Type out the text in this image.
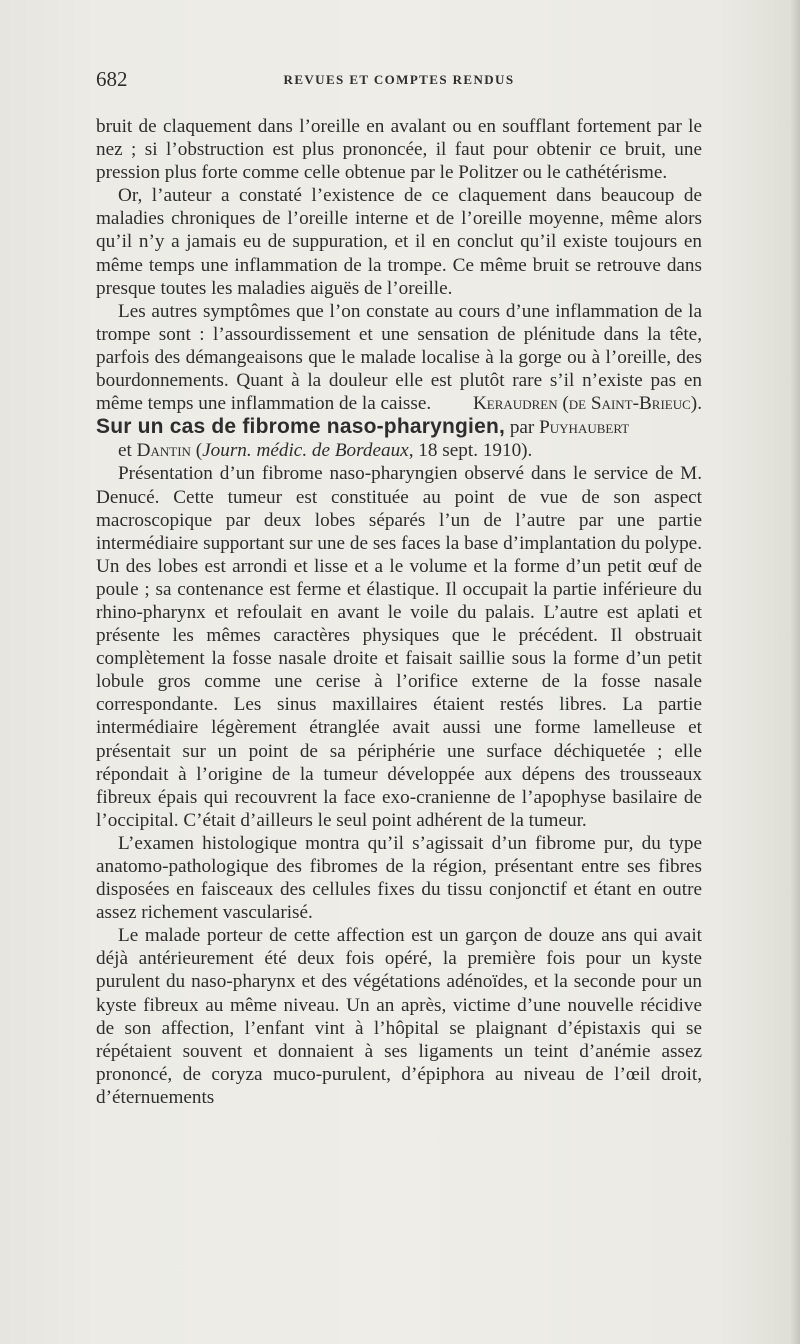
682	REVUES ET COMPTES RENDUS

bruit de claquement dans l’oreille en avalant ou en soufflant fortement par le nez ; si l’obstruction est plus prononcée, il faut pour obtenir ce bruit, une pression plus forte comme celle obtenue par le Politzer ou le cathétérisme.

Or, l’auteur a constaté l’existence de ce claquement dans beaucoup de maladies chroniques de l’oreille interne et de l’oreille moyenne, même alors qu’il n’y a jamais eu de suppuration, et il en conclut qu’il existe toujours en même temps une inflammation de la trompe. Ce même bruit se retrouve dans presque toutes les maladies aiguës de l’oreille.

Les autres symptômes que l’on constate au cours d’une inflammation de la trompe sont : l’assourdissement et une sensation de plénitude dans la tête, parfois des démangeaisons que le malade localise à la gorge ou à l’oreille, des bourdonnements. Quant à la douleur elle est plutôt rare s’il n’existe pas en même temps une inflammation de la caisse.	Keraudren (de Saint-Brieuc).

Sur un cas de fibrome naso-pharyngien, par Puyhaubert
et Dantin (Journ. médic. de Bordeaux, 18 sept. 1910).

Présentation d’un fibrome naso-pharyngien observé dans le service de M. Denucé. Cette tumeur est constituée au point de vue de son aspect macroscopique par deux lobes séparés l’un de l’autre par une partie intermédiaire supportant sur une de ses faces la base d’implantation du polype. Un des lobes est arrondi et lisse et a le volume et la forme d’un petit œuf de poule ; sa contenance est ferme et élastique. Il occupait la partie inférieure du rhino-pharynx et refoulait en avant le voile du palais. L’autre est aplati et présente les mêmes caractères physiques que le précédent. Il obstruait complètement la fosse nasale droite et faisait saillie sous la forme d’un petit lobule gros comme une cerise à l’orifice externe de la fosse nasale correspondante. Les sinus maxillaires étaient restés libres. La partie intermédiaire légèrement étranglée avait aussi une forme lamelleuse et présentait sur un point de sa périphérie une surface déchiquetée ; elle répondait à l’origine de la tumeur développée aux dépens des trousseaux fibreux épais qui recouvrent la face exo-cranienne de l’apophyse basilaire de l’occipital. C’était d’ailleurs le seul point adhérent de la tumeur.

L’examen histologique montra qu’il s’agissait d’un fibrome pur, du type anatomo-pathologique des fibromes de la région, présentant entre ses fibres disposées en faisceaux des cellules fixes du tissu conjonctif et étant en outre assez richement vascularisé.

Le malade porteur de cette affection est un garçon de douze ans qui avait déjà antérieurement été deux fois opéré, la première fois pour un kyste purulent du naso-pharynx et des végétations adénoïdes, et la seconde pour un kyste fibreux au même niveau. Un an après, victime d’une nouvelle récidive de son affection, l’enfant vint à l’hôpital se plaignant d’épistaxis qui se répétaient souvent et donnaient à ses ligaments un teint d’anémie assez prononcé, de coryza muco-purulent, d’épiphora au niveau de l’œil droit, d’éternuements
